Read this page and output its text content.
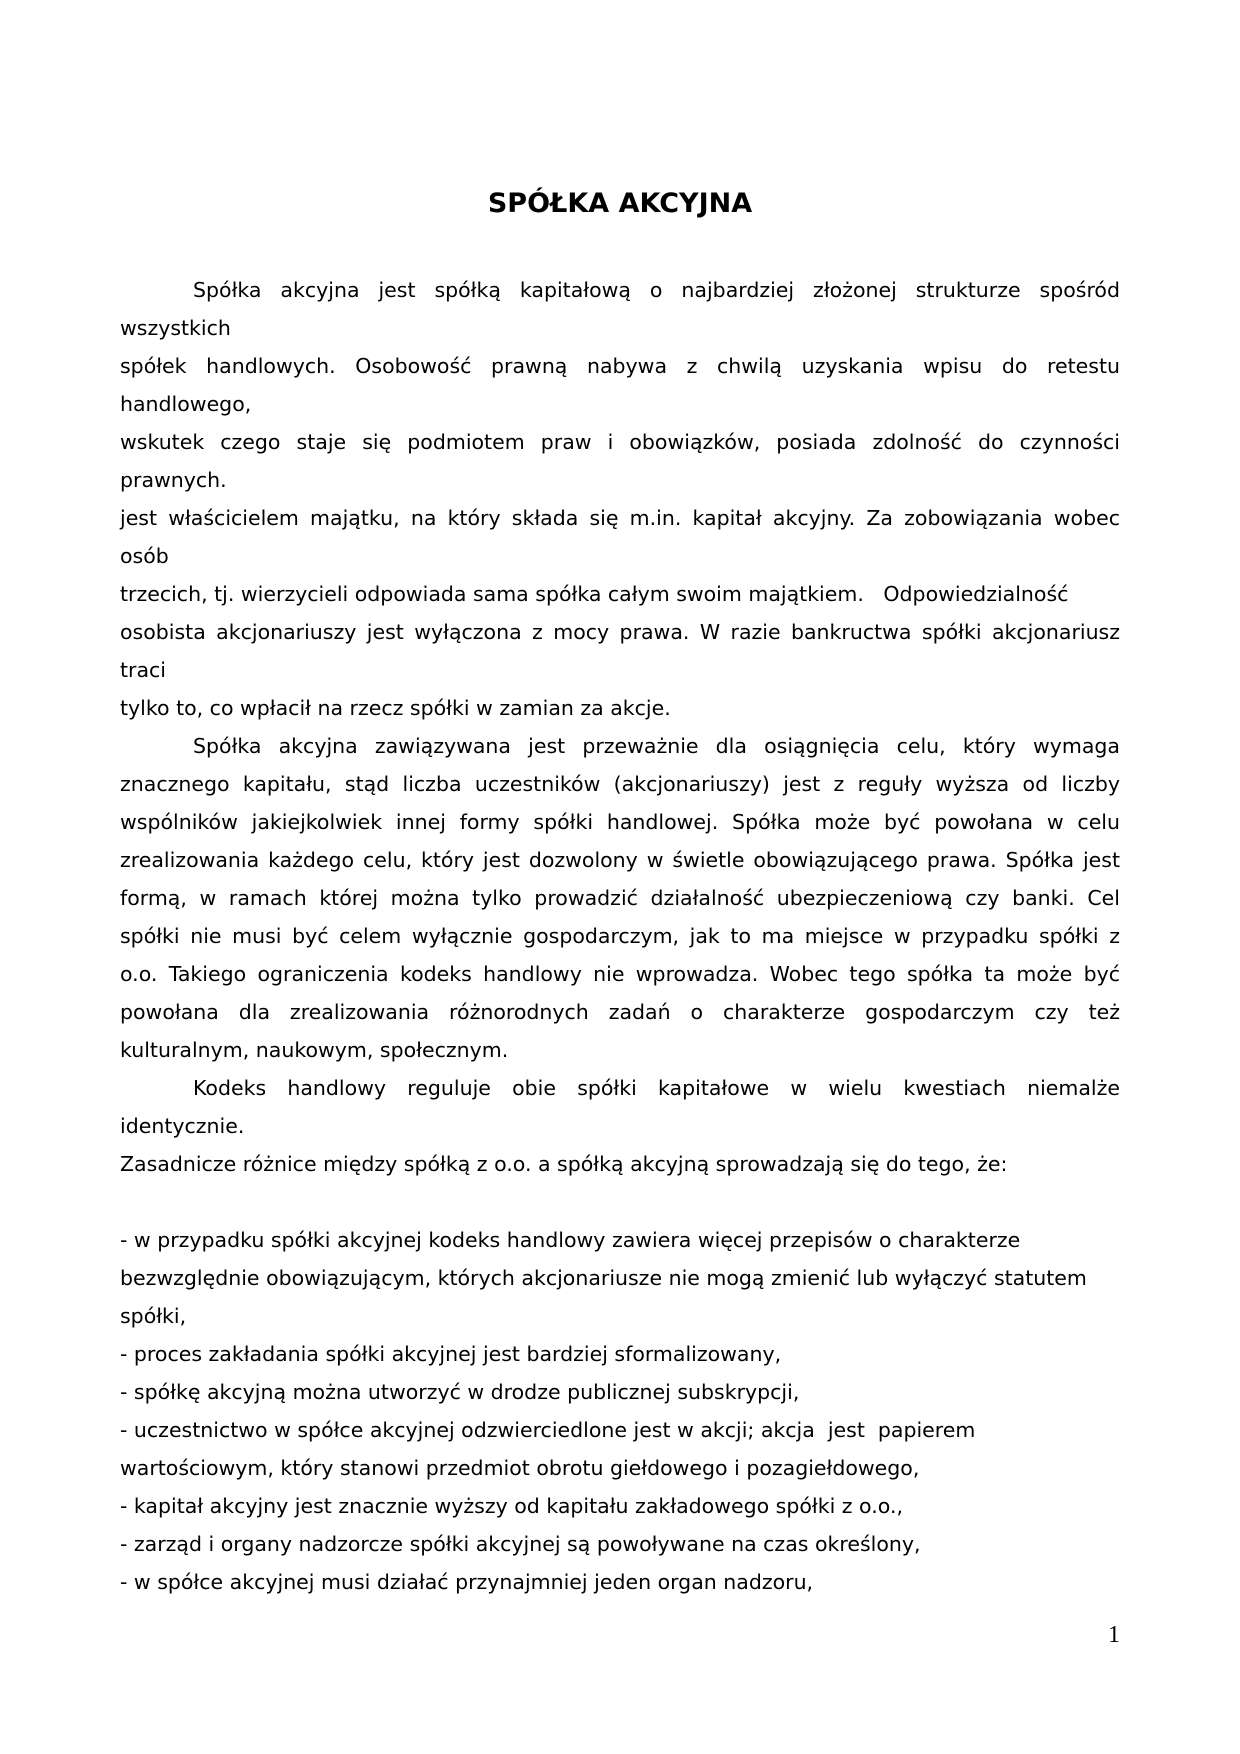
SPÓŁKA AKCYJNA
Spółka akcyjna jest spółką kapitałową o najbardziej złożonej strukturze spośród
wszystkich
spółek handlowych. Osobowość prawną nabywa z chwilą uzyskania wpisu do retestu
handlowego,
wskutek czego staje się podmiotem praw i obowiązków, posiada zdolność do czynności
prawnych.
jest właścicielem majątku, na który składa się m.in. kapitał akcyjny. Za zobowiązania wobec
osób
trzecich, tj. wierzycieli odpowiada sama spółka całym swoim majątkiem.   Odpowiedzialność
osobista akcjonariuszy jest wyłączona z mocy prawa. W razie bankructwa spółki akcjonariusz
traci
tylko to, co wpłacił na rzecz spółki w zamian za akcje.
Spółka akcyjna zawiązywana jest przeważnie dla osiągnięcia celu, który wymaga
znacznego kapitału, stąd liczba uczestników (akcjonariuszy) jest z reguły wyższa od liczby
wspólników jakiejkolwiek innej formy spółki handlowej. Spółka może być powołana w celu
zrealizowania każdego celu, który jest dozwolony w świetle obowiązującego prawa. Spółka jest
formą, w ramach której można tylko prowadzić działalność ubezpieczeniową czy banki. Cel
spółki nie musi być celem wyłącznie gospodarczym, jak to ma miejsce w przypadku spółki z
o.o. Takiego ograniczenia kodeks handlowy nie wprowadza. Wobec tego spółka ta może być
powołana dla zrealizowania różnorodnych zadań o charakterze gospodarczym czy też
kulturalnym, naukowym, społecznym.
Kodeks handlowy reguluje obie spółki kapitałowe w wielu kwestiach niemalże
identycznie.
Zasadnicze różnice między spółką z o.o. a spółką akcyjną sprowadzają się do tego, że:
- w przypadku spółki akcyjnej kodeks handlowy zawiera więcej przepisów o charakterze
bezwzględnie obowiązującym, których akcjonariusze nie mogą zmienić lub wyłączyć statutem
spółki,
- proces zakładania spółki akcyjnej jest bardziej sformalizowany,
- spółkę akcyjną można utworzyć w drodze publicznej subskrypcji,
- uczestnictwo w spółce akcyjnej odzwierciedlone jest w akcji; akcja  jest  papierem
wartościowym, który stanowi przedmiot obrotu giełdowego i pozagiełdowego,
- kapitał akcyjny jest znacznie wyższy od kapitału zakładowego spółki z o.o.,
- zarząd i organy nadzorcze spółki akcyjnej są powoływane na czas określony,
- w spółce akcyjnej musi działać przynajmniej jeden organ nadzoru,
1
